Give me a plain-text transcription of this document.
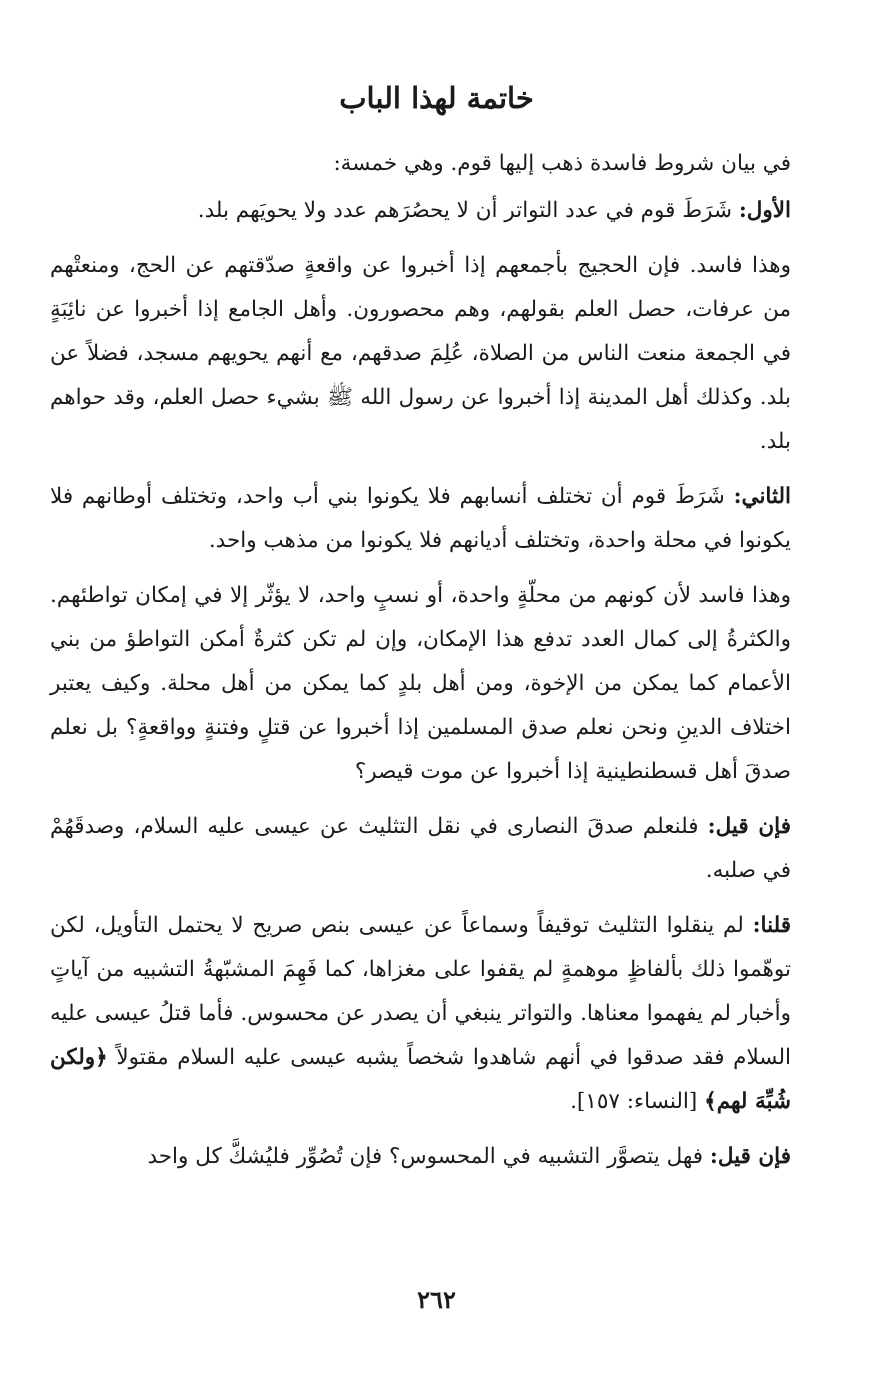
خاتمة لهذا الباب

في بيان شروط فاسدة ذهب إليها قوم. وهي خمسة:

الأول: شَرَطَ قوم في عدد التواتر أن لا يحصُرَهم عدد ولا يحويَهم بلد.

وهذا فاسد. فإن الحجيج بأجمعهم إذا أخبروا عن واقعةٍ صدّقتهم عن الحج، ومنعتْهم من عرفات، حصل العلم بقولهم، وهم محصورون. وأهل الجامع إذا أخبروا عن نائِبَةٍ في الجمعة منعت الناس من الصلاة، عُلِمَ صدقهم، مع أنهم يحويهم مسجد، فضلاً عن بلد. وكذلك أهل المدينة إذا أخبروا عن رسول الله ﷺ بشيء حصل العلم، وقد حواهم بلد.

الثاني: شَرَطَ قوم أن تختلف أنسابهم فلا يكونوا بني أب واحد، وتختلف أوطانهم فلا يكونوا في محلة واحدة، وتختلف أديانهم فلا يكونوا من مذهب واحد.

وهذا فاسد لأن كونهم من محلّةٍ واحدة، أو نسبٍ واحد، لا يؤثّر إلا في إمكان تواطئهم. والكثرةُ إلى كمال العدد تدفع هذا الإمكان، وإن لم تكن كثرةٌ أمكن التواطؤ من بني الأعمام كما يمكن من الإخوة، ومن أهل بلدٍ كما يمكن من أهل محلة. وكيف يعتبر اختلاف الدينِ ونحن نعلم صدق المسلمين إذا أخبروا عن قتلٍ وفتنةٍ وواقعةٍ؟ بل نعلم صدقَ أهل قسطنطينية إذا أخبروا عن موت قيصر؟

فإن قيل: فلنعلم صدقَ النصارى في نقل التثليث عن عيسى عليه السلام، وصدقَهُمْ في صلبه.

قلنا: لم ينقلوا التثليث توقيفاً وسماعاً عن عيسى بنص صريح لا يحتمل التأويل، لكن توهّموا ذلك بألفاظٍ موهمةٍ لم يقفوا على مغزاها، كما فَهِمَ المشبّهةُ التشبيه من آياتٍ وأخبار لم يفهموا معناها. والتواتر ينبغي أن يصدر عن محسوس. فأما قتلُ عيسى عليه السلام فقد صدقوا في أنهم شاهدوا شخصاً يشبه عيسى عليه السلام مقتولاً ﴿ولكن شُبِّهَ لهم﴾ [النساء: ١٥٧].

فإن قيل: فهل يتصوَّر التشبيه في المحسوس؟ فإن تُصُوِّر فليُشكَّ كل واحد

٢٦٢
